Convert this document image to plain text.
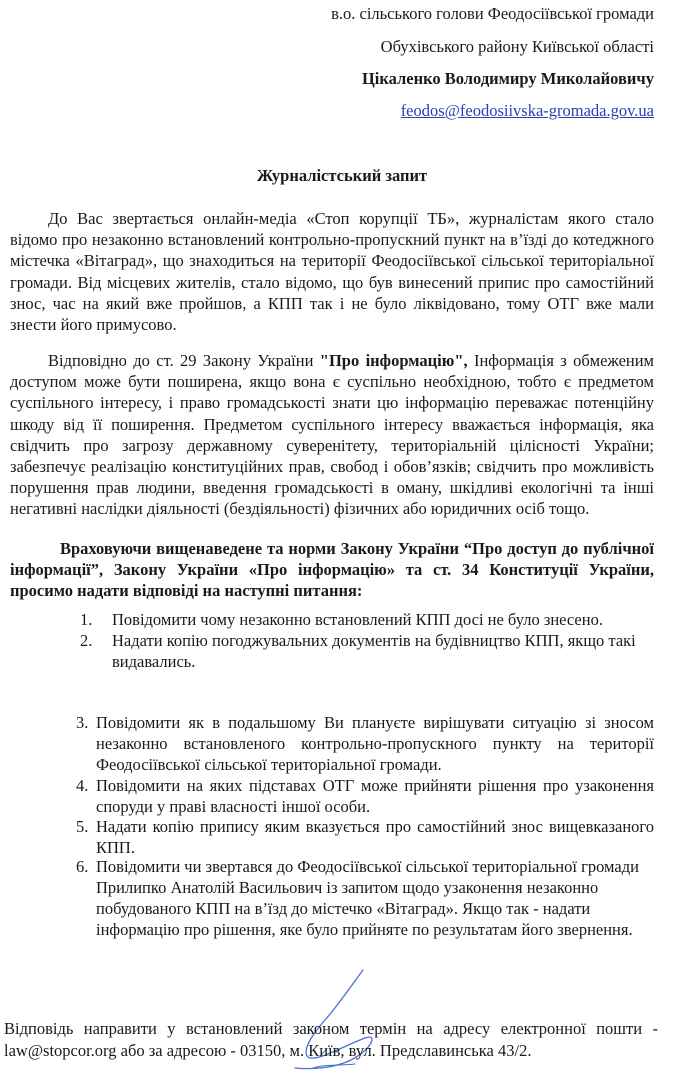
в.о. сільського голови Феодосіївської громади
Обухівського району Київської області
Цікаленко Володимиру Миколайовичу
feodos@feodosiivska-gromada.gov.ua
Журналістський запит

До Вас звертається онлайн-медіа «Стоп корупції ТБ», журналістам якого стало відомо про незаконно встановлений контрольно-пропускний пункт на в’їзді до котеджного містечка «Вітаград», що знаходиться на території Феодосіївської сільської територіальної громади. Від місцевих жителів, стало відомо, що був винесений припис про самостійний знос, час на який вже пройшов, а КПП так і не було ліквідовано, тому ОТГ вже мали знести його примусово.

Відповідно до ст. 29 Закону України "Про інформацію", Інформація з обмеженим доступом може бути поширена, якщо вона є суспільно необхідною, тобто є предметом суспільного інтересу, і право громадськості знати цю інформацію переважає потенційну шкоду від її поширення. Предметом суспільного інтересу вважається інформація, яка свідчить про загрозу державному суверенітету, територіальній цілісності України; забезпечує реалізацію конституційних прав, свобод і обов’язків; свідчить про можливість порушення прав людини, введення громадськості в оману, шкідливі екологічні та інші негативні наслідки діяльності (бездіяльності) фізичних або юридичних осіб тощо.

Враховуючи вищенаведене та норми Закону України “Про доступ до публічної інформації”, Закону України «Про інформацію» та ст. 34 Конституції України, просимо надати відповіді на наступні питання:

1.	Повідомити чому незаконно встановлений КПП досі не було знесено.
2.	Надати копію погоджувальних документів на будівництво КПП, якщо такі видавались.
3. Повідомити як в подальшому Ви плануєте вирішувати ситуацію зі зносом незаконно встановленого контрольно-пропускного пункту на території Феодосіївської сільської територіальної громади.
4. Повідомити на яких підставах ОТГ може прийняти рішення про узаконення споруди у праві власності іншої особи.
5. Надати копію припису яким вказується про самостійний знос вищевказаного КПП.
6. Повідомити чи звертався до Феодосіївської сільської територіальної громади Прилипко Анатолій Васильович із запитом щодо узаконення незаконно побудованого КПП на в’їзд до містечко «Вітаград». Якщо так - надати інформацію про рішення, яке було прийняте по результатам його звернення.

Відповідь направити у встановлений законом термін на адресу електронної пошти - law@stopcor.org або за адресою - 03150, м. Київ, вул. Предславинська 43/2.
